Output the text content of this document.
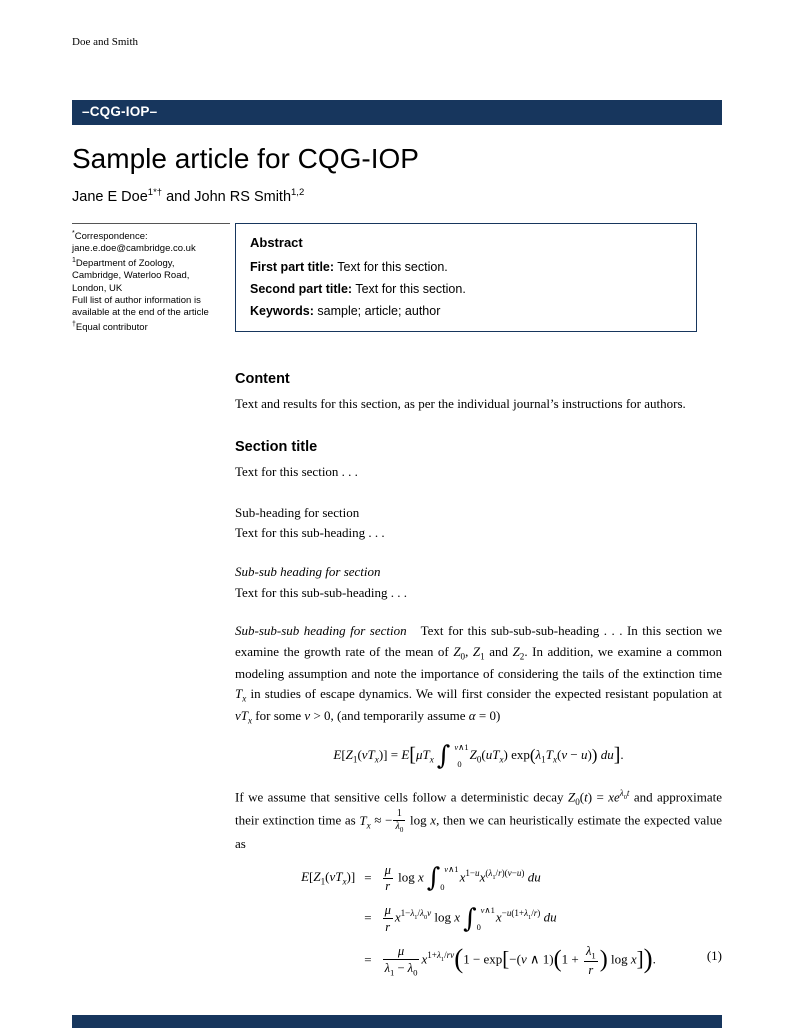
Doe and Smith
–CQG-IOP–
Sample article for CQG-IOP
Jane E Doe$^{1*\dagger}$ and John RS Smith$^{1,2}$
*Correspondence:
jane.e.doe@cambridge.co.uk
$^1$Department of Zoology,
Cambridge, Waterloo Road,
London, UK
Full list of author information is
available at the end of the article
†Equal contributor
Abstract
First part title: Text for this section.
Second part title: Text for this section.
Keywords: sample; article; author
Content

Text and results for this section, as per the individual journal’s instructions for authors.

Section title

Text for this section . . .

Sub-heading for section

Text for this sub-heading . . .

Sub-sub heading for section

Text for this sub-sub-heading . . .

Sub-sub-sub heading for section Text for this sub-sub-sub-heading . . . In this section we examine the growth rate of the mean of $Z_0$, $Z_1$ and $Z_2$. In addition, we examine a common modeling assumption and note the importance of considering the tails of the extinction time $T_x$ in studies of escape dynamics. We will first consider the expected resistant population at $vT_x$ for some v > 0, (and temporarily assume α = 0)

$E[Z_1(vT_x)] = E[\mu T_x$ ∫ v∧1
0
$Z_0(uT_x) \exp(\lambda_1T_x(v - u))$ du].

If we assume that sensitive cells follow a deterministic decay $Z_0(t) = xe^{\lambda_0t}$ and approximate their extinction time as $T_x$ ≈ − $\frac{1}{\lambda_0}$ log x, then we can heuristically estimate the expected value as

$E[Z_1(vT_x)] = \frac{\mu}{r}$ log x ∫ v∧1
0
$x^{1-u}x^{(\lambda_1/r)(v-u)}$ du
= $\frac{\mu}{r} x^{1-\lambda_1/\lambda_0v}$ log x ∫ v∧1
0
$x^{-u(1+\lambda_1/r)}$ du
= $\frac{\mu}{\lambda_1 - \lambda_0} x^{1+\lambda_1/rv}(1 - \exp[-(v$ ∧ $1)(1 + \frac{\lambda_1}{r}$ ) log x]).	(1)
